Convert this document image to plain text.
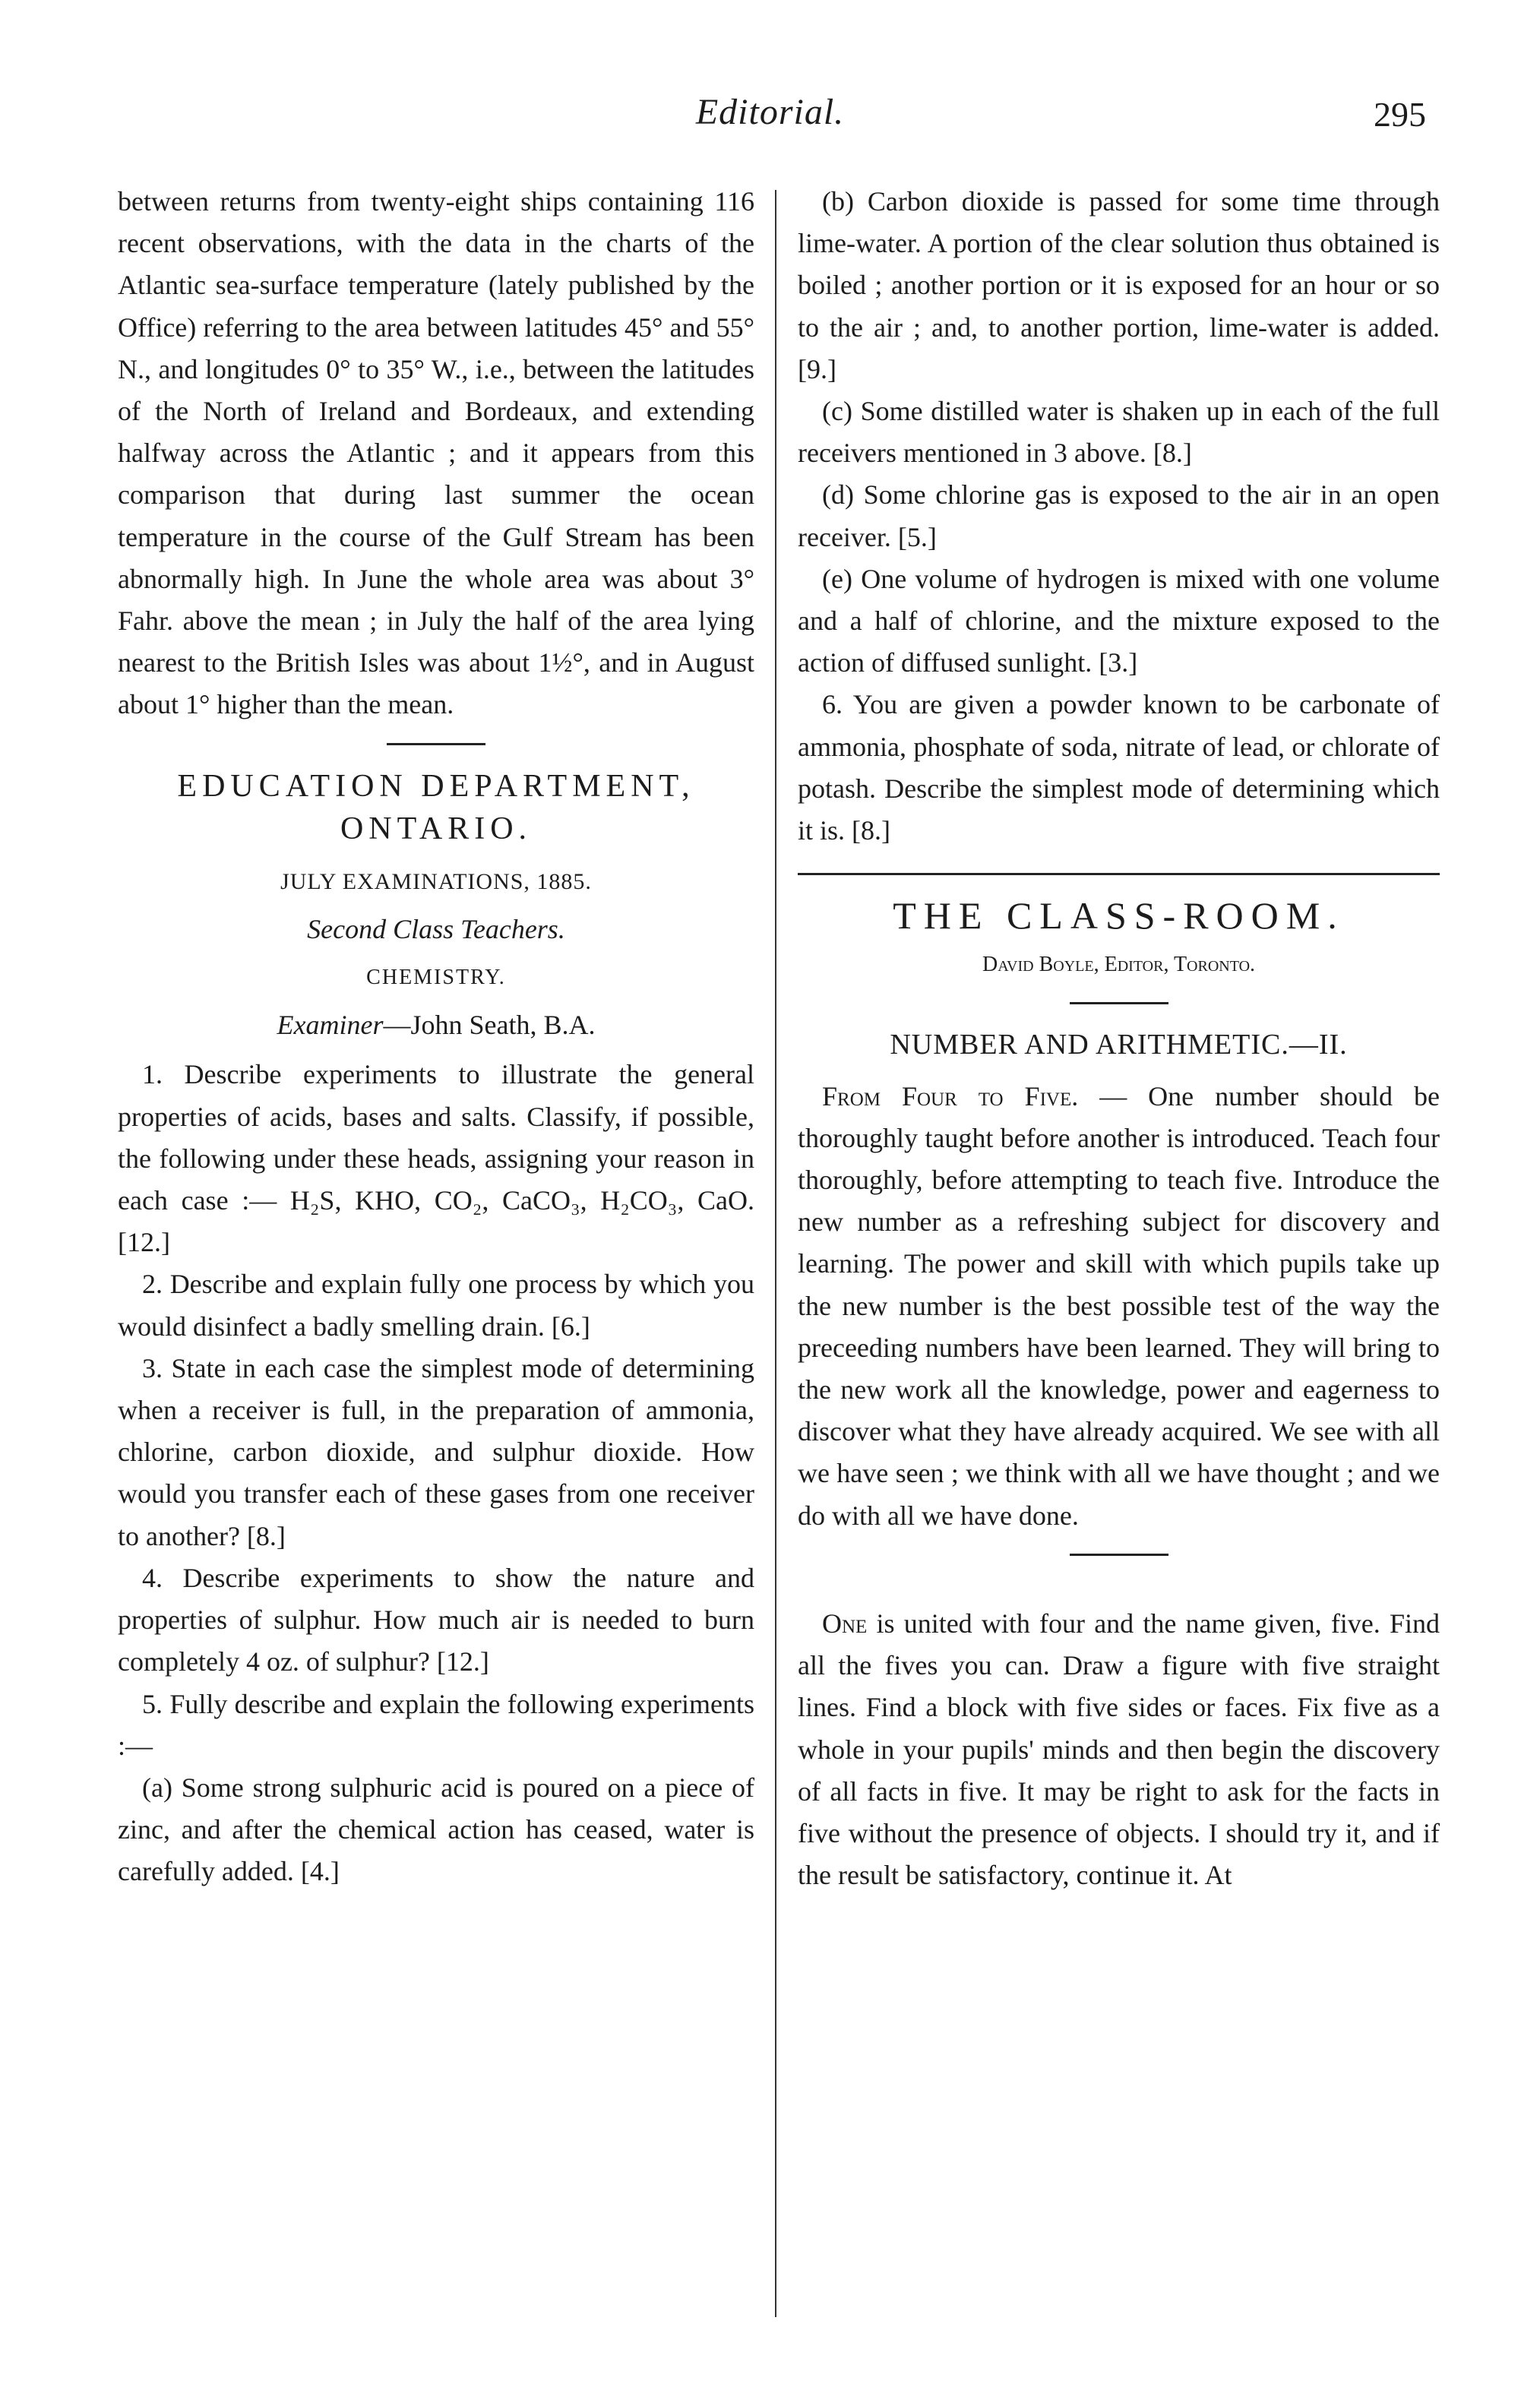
Editorial.	295

between returns from twenty-eight ships containing 116 recent observations, with the data in the charts of the Atlantic sea-surface temperature (lately published by the Office) referring to the area between latitudes 45° and 55° N., and longitudes 0° to 35° W., i.e., between the latitudes of the North of Ireland and Bordeaux, and extending halfway across the Atlantic ; and it appears from this comparison that during last summer the ocean temperature in the course of the Gulf Stream has been abnormally high. In June the whole area was about 3° Fahr. above the mean ; in July the half of the area lying nearest to the British Isles was about 1½°, and in August about 1° higher than the mean.

EDUCATION DEPARTMENT, ONTARIO.
JULY EXAMINATIONS, 1885.
Second Class Teachers.
CHEMISTRY.
Examiner—John Seath, B.A.

1. Describe experiments to illustrate the general properties of acids, bases and salts. Classify, if possible, the following under these heads, assigning your reason in each case :— H₂S, KHO, CO₂, CaCO₃, H₂CO₃, CaO. [12.]

2. Describe and explain fully one process by which you would disinfect a badly smelling drain. [6.]

3. State in each case the simplest mode of determining when a receiver is full, in the preparation of ammonia, chlorine, carbon dioxide, and sulphur dioxide. How would you transfer each of these gases from one receiver to another? [8.]

4. Describe experiments to show the nature and properties of sulphur. How much air is needed to burn completely 4 oz. of sulphur? [12.]

5. Fully describe and explain the following experiments :—

(a) Some strong sulphuric acid is poured on a piece of zinc, and after the chemical action has ceased, water is carefully added. [4.]

(b) Carbon dioxide is passed for some time through lime-water. A portion of the clear solution thus obtained is boiled ; another portion or it is exposed for an hour or so to the air ; and, to another portion, lime-water is added. [9.]

(c) Some distilled water is shaken up in each of the full receivers mentioned in 3 above. [8.]

(d) Some chlorine gas is exposed to the air in an open receiver. [5.]

(e) One volume of hydrogen is mixed with one volume and a half of chlorine, and the mixture exposed to the action of diffused sunlight. [3.]

6. You are given a powder known to be carbonate of ammonia, phosphate of soda, nitrate of lead, or chlorate of potash. Describe the simplest mode of determining which it is. [8.]

THE CLASS-ROOM.
David Boyle, Editor, Toronto.
NUMBER AND ARITHMETIC.—II.

From Four to Five. — One number should be thoroughly taught before another is introduced. Teach four thoroughly, before attempting to teach five. Introduce the new number as a refreshing subject for discovery and learning. The power and skill with which pupils take up the new number is the best possible test of the way the preceeding numbers have been learned. They will bring to the new work all the knowledge, power and eagerness to discover what they have already acquired. We see with all we have seen ; we think with all we have thought ; and we do with all we have done.

One is united with four and the name given, five. Find all the fives you can. Draw a figure with five straight lines. Find a block with five sides or faces. Fix five as a whole in your pupils' minds and then begin the discovery of all facts in five. It may be right to ask for the facts in five without the presence of objects. I should try it, and if the result be satisfactory, continue it. At
